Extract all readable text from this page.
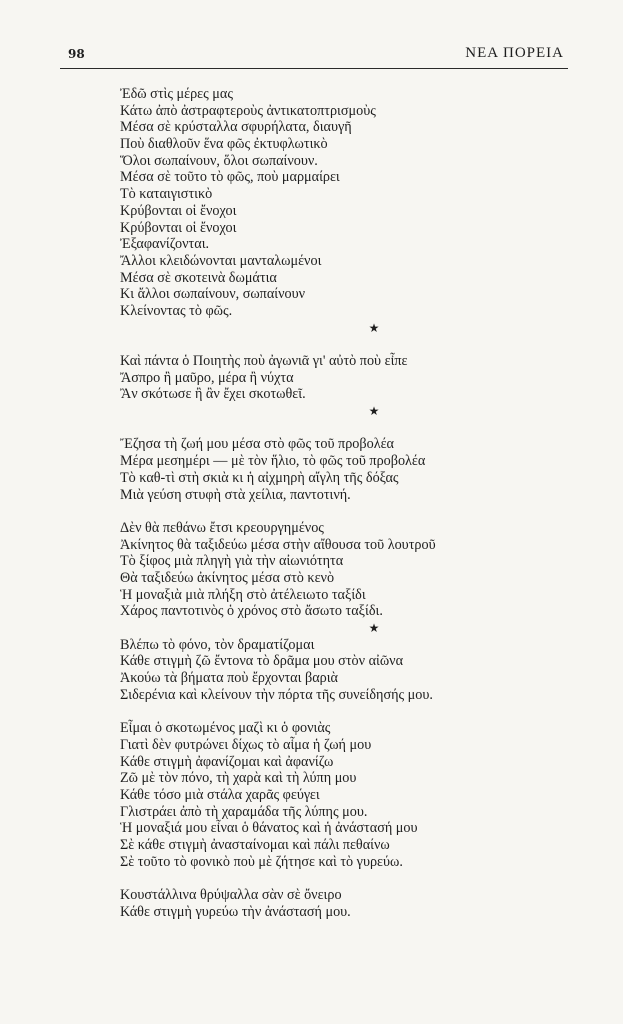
98	ΝΕΑ ΠΟΡΕΙΑ
Ἐδῶ στὶς μέρες μας
Κάτω ἀπὸ ἀστραφτεροὺς ἀντικατοπτρισμοὺς
Μέσα σὲ κρύσταλλα σφυρήλατα, διαυγῆ
Ποὺ διαθλοῦν ἕνα φῶς ἐκτυφλωτικὸ
Ὅλοι σωπαίνουν, ὅλοι σωπαίνουν.
Μέσα σὲ τοῦτο τὸ φῶς, ποὺ μαρμαίρει
Τὸ καταιγιστικὸ
Κρύβονται οἱ ἔνοχοι
Κρύβονται οἱ ἔνοχοι
Ἐξαφανίζονται.
Ἄλλοι κλειδώνονται μανταλωμένοι
Μέσα σὲ σκοτεινὰ δωμάτια
Κι ἄλλοι σωπαίνουν, σωπαίνουν
Κλείνοντας τὸ φῶς.
★
Καὶ πάντα ὁ Ποιητὴς ποὺ ἀγωνιᾶ γι' αὐτὸ ποὺ εἶπε
Ἄσπρο ἢ μαῦρο, μέρα ἢ νύχτα
Ἂν σκότωσε ἢ ἂν ἔχει σκοτωθεῖ.
★
Ἔζησα τὴ ζωή μου μέσα στὸ φῶς τοῦ προβολέα
Μέρα μεσημέρι — μὲ τὸν ἥλιο, τὸ φῶς τοῦ προβολέα
Τὸ καθ-τὶ στὴ σκιὰ κι ἡ αἰχμηρὴ αἴγλη τῆς δόξας
Μιὰ γεύση στυφὴ στὰ χείλια, παντοτινή.
Δὲν θὰ πεθάνω ἔτσι κρεουργημένος
Ἀκίνητος θὰ ταξιδεύω μέσα στὴν αἴθουσα τοῦ λουτροῦ
Τὸ ξίφος μιὰ πληγὴ γιὰ τὴν αἰωνιότητα
Θὰ ταξιδεύω ἀκίνητος μέσα στὸ κενὸ
Ἡ μοναξιὰ μιὰ πλήξη στὸ ἀτέλειωτο ταξίδι
Χάρος παντοτινὸς ὁ χρόνος στὸ ἄσωτο ταξίδι.
★
Βλέπω τὸ φόνο, τὸν δραματίζομαι
Κάθε στιγμὴ ζῶ ἔντονα τὸ δρᾶμα μου στὸν αἰῶνα
Ἀκούω τὰ βήματα ποὺ ἔρχονται βαριὰ
Σιδερένια καὶ κλείνουν τὴν πόρτα τῆς συνείδησής μου.
Εἶμαι ὁ σκοτωμένος μαζὶ κι ὁ φονιὰς
Γιατὶ δὲν φυτρώνει δίχως τὸ αἷμα ἡ ζωή μου
Κάθε στιγμὴ ἀφανίζομαι καὶ ἀφανίζω
Ζῶ μὲ τὸν πόνο, τὴ χαρὰ καὶ τὴ λύπη μου
Κάθε τόσο μιὰ στάλα χαρᾶς φεύγει
Γλιστράει ἀπὸ τὴ χαραμάδα τῆς λύπης μου.
Ἡ μοναξιά μου εἶναι ὁ θάνατος καὶ ἡ ἀνάστασή μου
Σὲ κάθε στιγμὴ ἀνασταίνομαι καὶ πάλι πεθαίνω
Σὲ τοῦτο τὸ φονικὸ ποὺ μὲ ζήτησε καὶ τὸ γυρεύω.
Κουστάλλινα θρύψαλλα σὰν σὲ ὄνειρο
Κάθε στιγμὴ γυρεύω τὴν ἀνάστασή μου.
